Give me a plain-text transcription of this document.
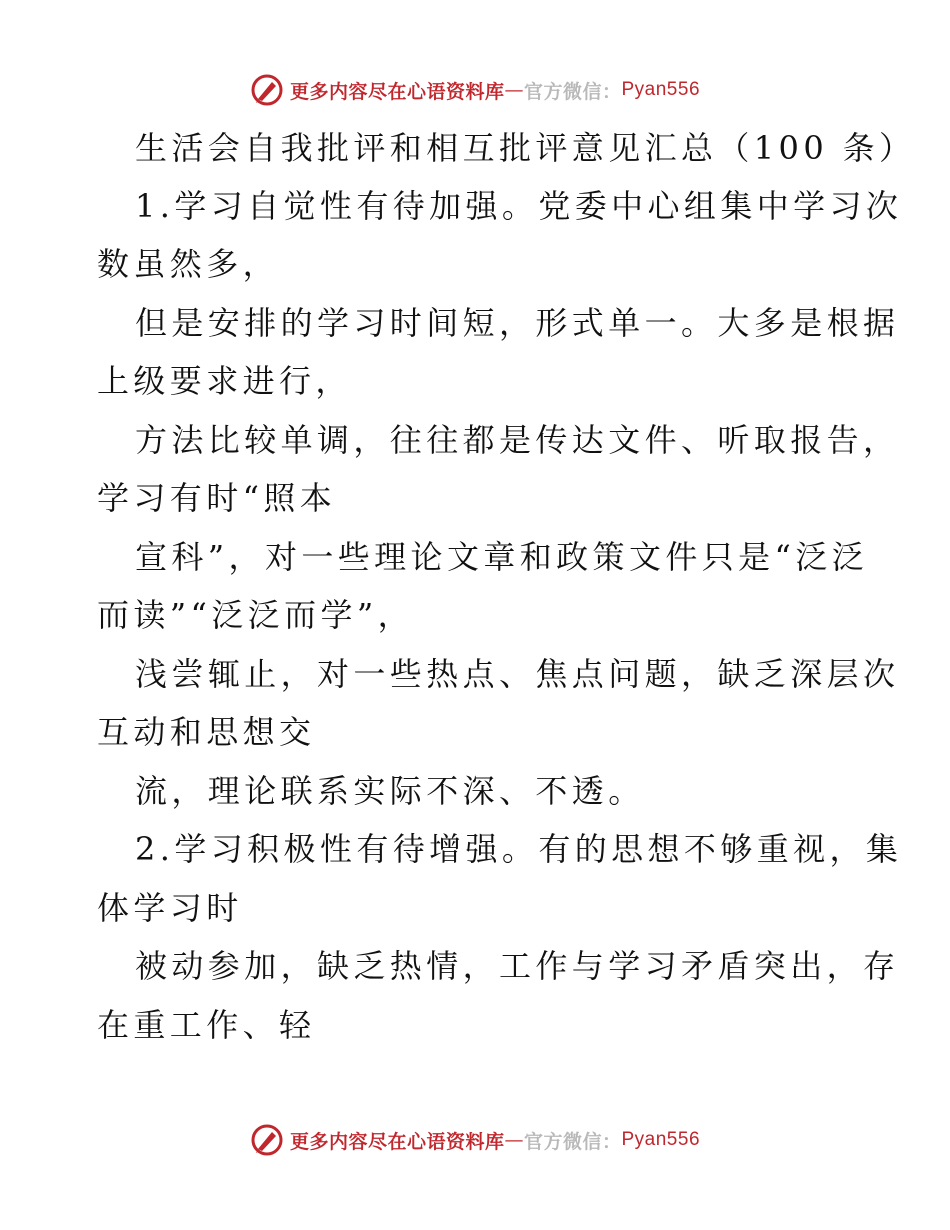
更多内容尽在心语资料库 — 官方微信： Pyan556
生活会自我批评和相互批评意见汇总（100 条）
1.学习自觉性有待加强。党委中心组集中学习次
数虽然多，
但是安排的学习时间短，形式单一。大多是根据
上级要求进行，
方法比较单调，往往都是传达文件、听取报告，
学习有时“照本
宣科”，对一些理论文章和政策文件只是“泛泛
而读”“泛泛而学”，
浅尝辄止，对一些热点、焦点问题，缺乏深层次
互动和思想交
流，理论联系实际不深、不透。
2.学习积极性有待增强。有的思想不够重视，集
体学习时
被动参加，缺乏热情，工作与学习矛盾突出，存
在重工作、轻
更多内容尽在心语资料库 — 官方微信： Pyan556
